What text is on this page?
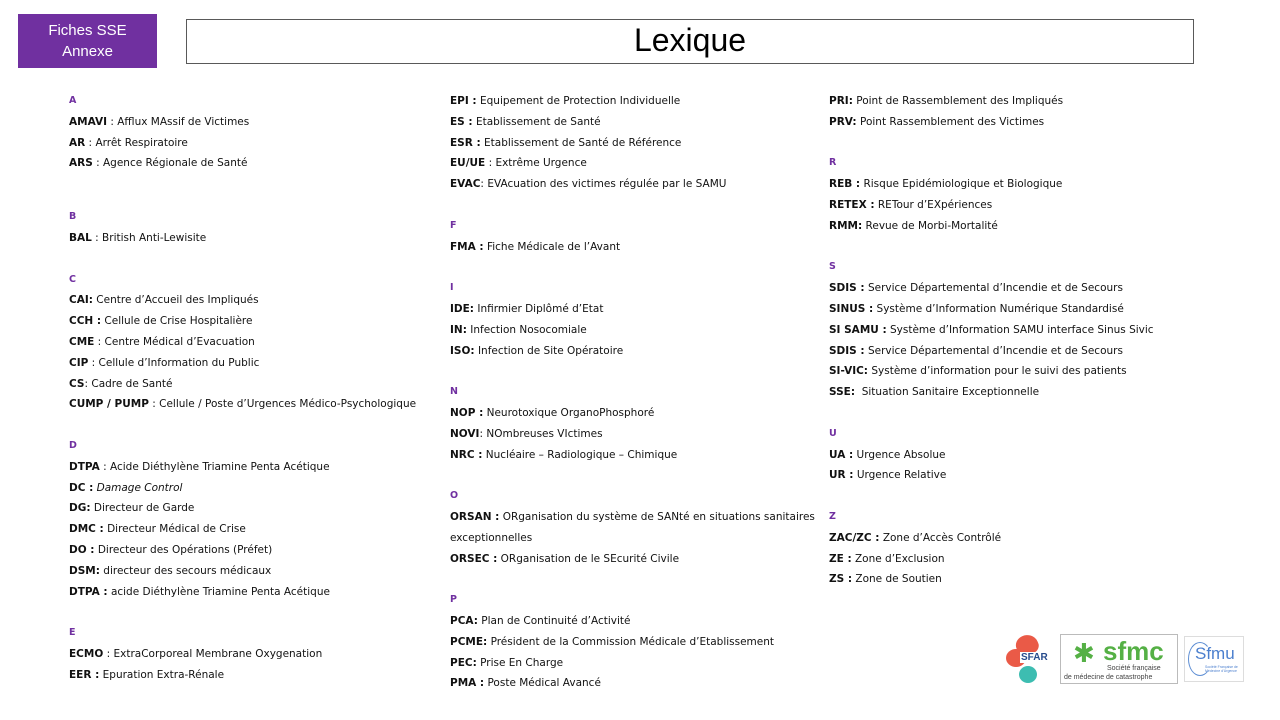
Fiches SSE
Annexe	Lexique
A
AMAVI : Afflux MAssif de Victimes
AR : Arrêt Respiratoire
ARS : Agence Régionale de Santé
B
BAL : British Anti-Lewisite
C
CAI: Centre d’Accueil des Impliqués
CCH : Cellule de Crise Hospitalière
CME : Centre Médical d’Evacuation
CIP : Cellule d’Information du Public
CS: Cadre de Santé
CUMP / PUMP : Cellule / Poste d’Urgences Médico-Psychologique
D
DTPA : Acide Diéthylène Triamine Penta Acétique
DC : Damage Control
DG: Directeur de Garde
DMC : Directeur Médical de Crise
DO : Directeur des Opérations (Préfet)
DSM: directeur des secours médicaux
DTPA : acide Diéthylène Triamine Penta Acétique
E
ECMO : ExtraCorporeal Membrane Oxygenation
EER : Epuration Extra-Rénale
EPI : Equipement de Protection Individuelle
ES : Etablissement de Santé
ESR : Etablissement de Santé de Référence
EU/UE : Extrême Urgence
EVAC: EVAcuation des victimes régulée par le SAMU
F
FMA : Fiche Médicale de l’Avant
I
IDE: Infirmier Diplômé d’Etat
IN: Infection Nosocomiale
ISO: Infection de Site Opératoire
N
NOP : Neurotoxique OrganoPhosphoré
NOVI: NOmbreuses VIctimes
NRC : Nucléaire – Radiologique – Chimique
O
ORSAN : ORganisation du système de SANté en situations sanitaires exceptionnelles
ORSEC : ORganisation de le SEcurité Civile
P
PCA: Plan de Continuité d’Activité
PCME: Président de la Commission Médicale d’Etablissement
PEC: Prise En Charge
PMA : Poste Médical Avancé
PRI: Point de Rassemblement des Impliqués
PRV: Point Rassemblement des Victimes
R
REB : Risque Epidémiologique et Biologique
RETEX : RETour d’EXpériences
RMM: Revue de Morbi-Mortalité
S
SDIS : Service Départemental d’Incendie et de Secours
SINUS : Système d’Information Numérique Standardisé
SI SAMU : Système d’Information SAMU interface Sinus Sivic
SDIS : Service Départemental d’Incendie et de Secours
SI-VIC: Système d’information pour le suivi des patients
SSE: Situation Sanitaire Exceptionnelle
U
UA : Urgence Absolue
UR : Urgence Relative
Z
ZAC/ZC : Zone d’Accès Contrôlé
ZE : Zone d’Exclusion
ZS : Zone de Soutien
SFAR ✱ sfmc
Société française
de médecine de catastrophe
Sfmu
Société Française de Médecine d'Urgence
